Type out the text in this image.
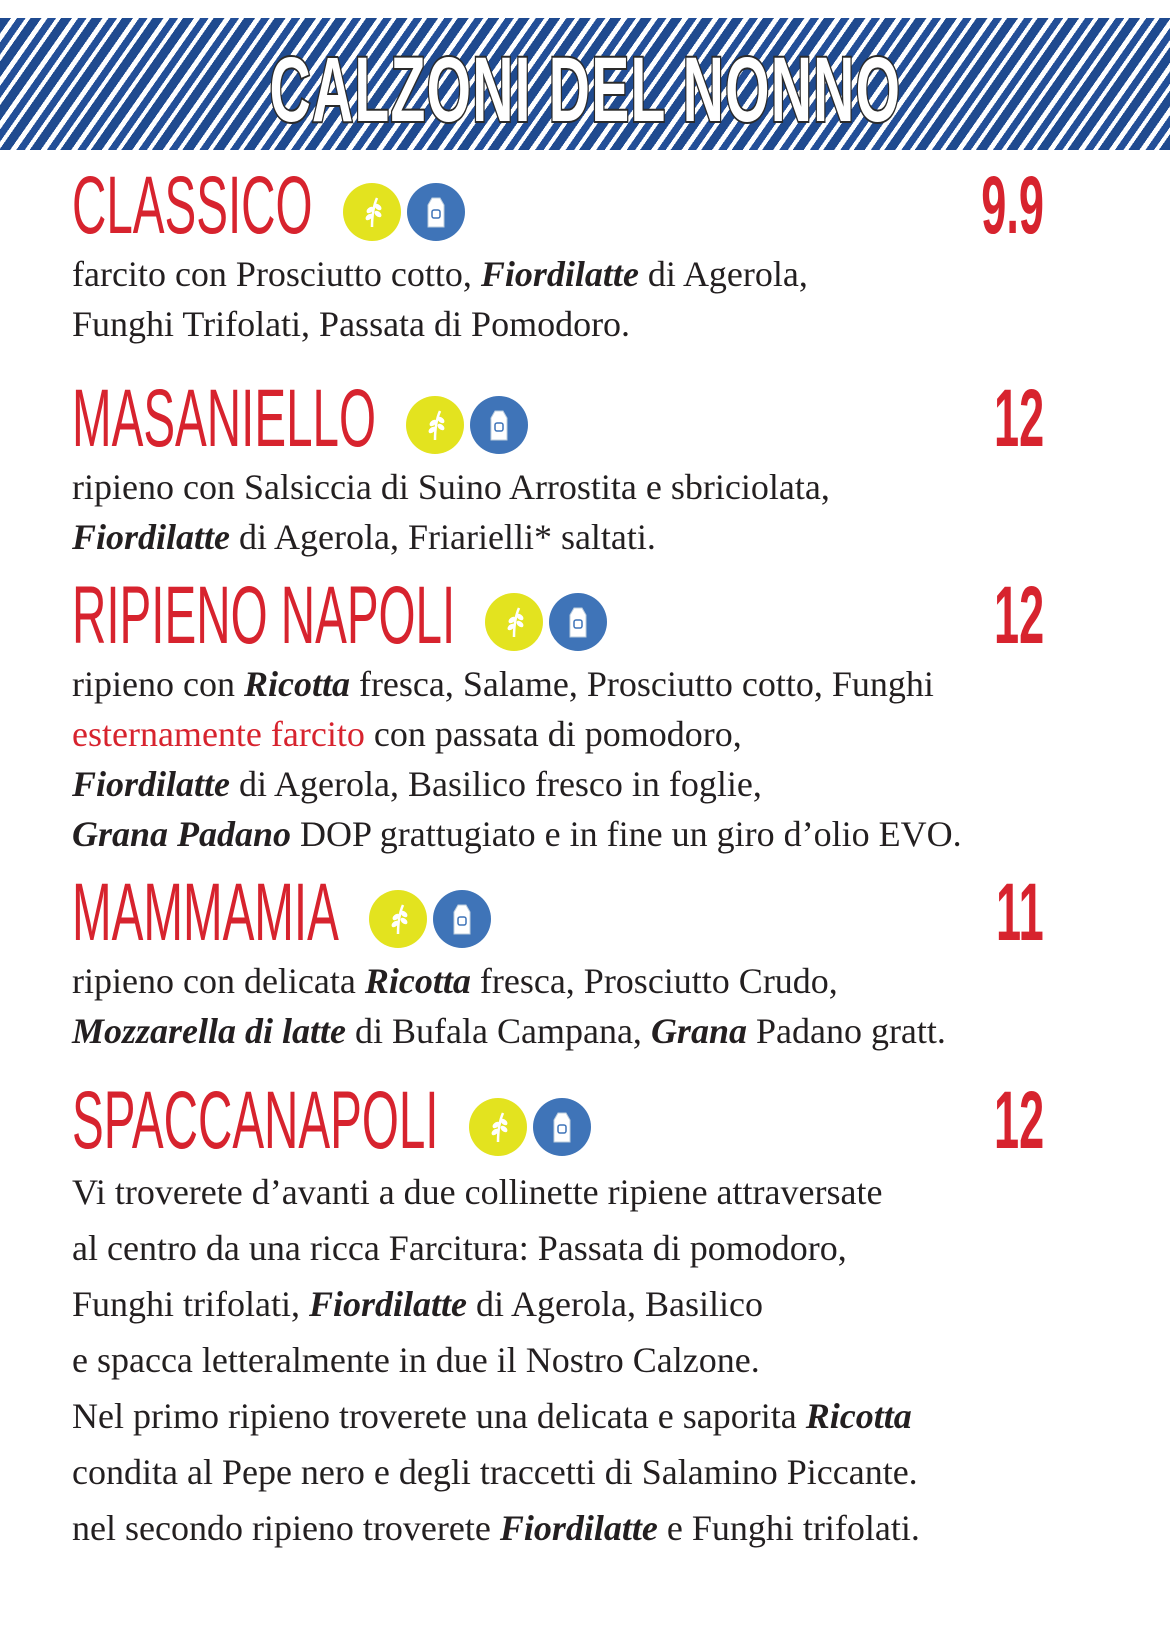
CALZONI DEL NONNO
CLASSICO	9.9
farcito con Prosciutto cotto, Fiordilatte di Agerola,
Funghi Trifolati, Passata di Pomodoro.
MASANIELLO	12
ripieno con Salsiccia di Suino Arrostita e sbriciolata,
Fiordilatte di Agerola, Friarielli* saltati.
RIPIENO NAPOLI	12
ripieno con Ricotta fresca, Salame, Prosciutto cotto, Funghi
esternamente farcito con passata di pomodoro,
Fiordilatte di Agerola, Basilico fresco in foglie,
Grana Padano DOP grattugiato e in fine un giro d’olio EVO.
MAMMAMIA	11
ripieno con delicata Ricotta fresca, Prosciutto Crudo,
Mozzarella di latte di Bufala Campana, Grana Padano gratt.
SPACCANAPOLI	12
Vi troverete d’avanti a due collinette ripiene attraversate
al centro da una ricca Farcitura: Passata di pomodoro,
Funghi trifolati, Fiordilatte di Agerola, Basilico
e spacca letteralmente in due il Nostro Calzone.
Nel primo ripieno troverete una delicata e saporita Ricotta
condita al Pepe nero e degli traccetti di Salamino Piccante.
nel secondo ripieno troverete Fiordilatte e Funghi trifolati.
